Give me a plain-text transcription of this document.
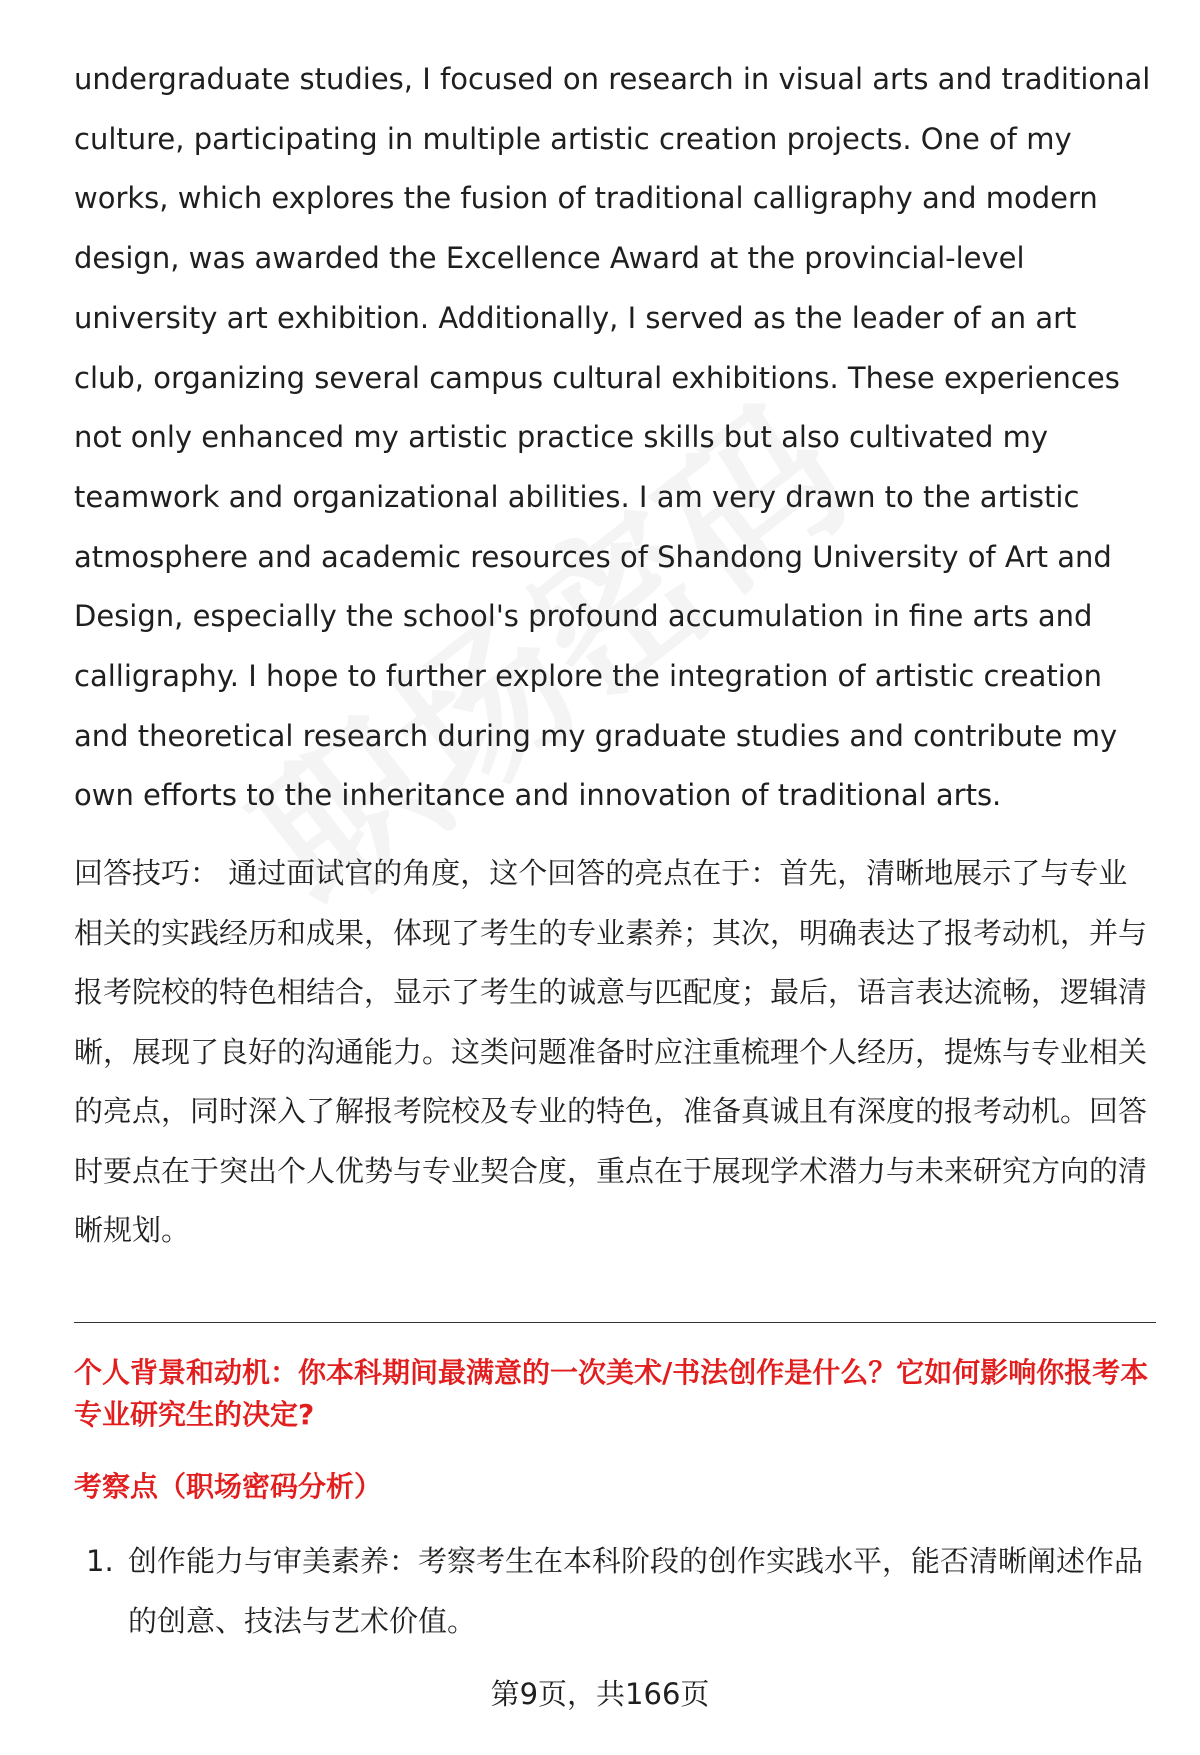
undergraduate studies, I focused on research in visual arts and traditional culture, participating in multiple artistic creation projects. One of my works, which explores the fusion of traditional calligraphy and modern design, was awarded the Excellence Award at the provincial-level university art exhibition. Additionally, I served as the leader of an art club, organizing several campus cultural exhibitions. These experiences not only enhanced my artistic practice skills but also cultivated my teamwork and organizational abilities. I am very drawn to the artistic atmosphere and academic resources of Shandong University of Art and Design, especially the school's profound accumulation in fine arts and calligraphy. I hope to further explore the integration of artistic creation and theoretical research during my graduate studies and contribute my own efforts to the inheritance and innovation of traditional arts.

回答技巧： 通过面试官的角度，这个回答的亮点在于：首先，清晰地展示了与专业相关的实践经历和成果，体现了考生的专业素养；其次，明确表达了报考动机，并与报考院校的特色相结合，显示了考生的诚意与匹配度；最后，语言表达流畅，逻辑清晰，展现了良好的沟通能力。这类问题准备时应注重梳理个人经历，提炼与专业相关的亮点，同时深入了解报考院校及专业的特色，准备真诚且有深度的报考动机。回答时要点在于突出个人优势与专业契合度，重点在于展现学术潜力与未来研究方向的清晰规划。

个人背景和动机：你本科期间最满意的一次美术/书法创作是什么？它如何影响你报考本专业研究生的决定?

考察点（职场密码分析）

1. 创作能力与审美素养：考察考生在本科阶段的创作实践水平，能否清晰阐述作品的创意、技法与艺术价值。
第9页，共166页
